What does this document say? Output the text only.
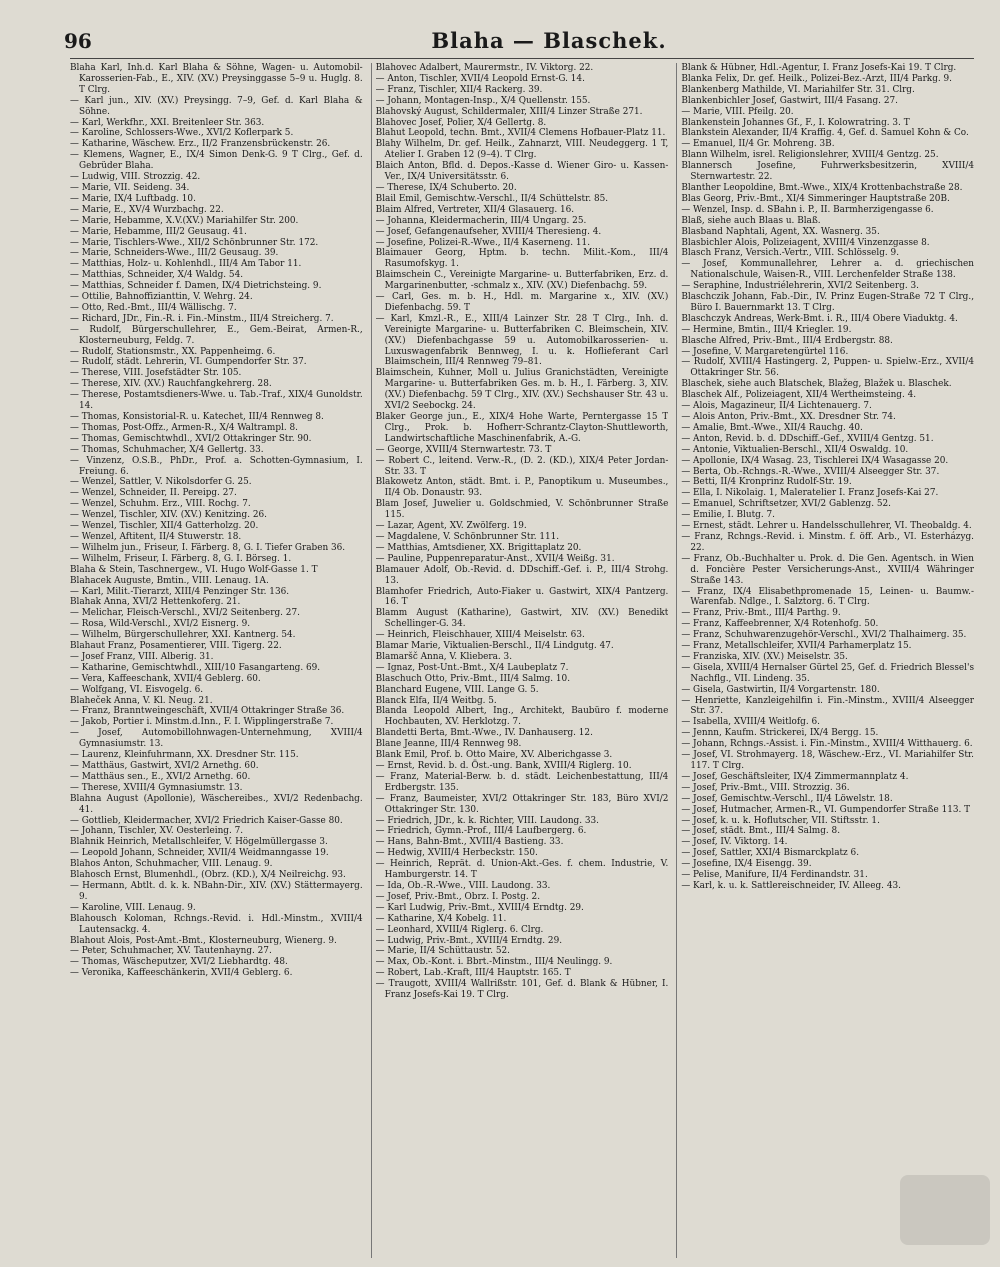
96	Blaha — Blaschek.

Blaha Karl, Inh.d. Karl Blaha & Söhne, Wagen- u. Automobil-Karosserien-Fab., E., XIV. (XV.) Preysinggasse 5–9 u. Huglg. 8. T Clrg.

— Karl jun., XIV. (XV.) Preysingg. 7–9, Gef. d. Karl Blaha & Söhne.

— Karl, Werkfhr., XXI. Breitenleer Str. 363.

— Karoline, Schlossers-Wwe., XVI/2 Koflerpark 5.

— Katharine, Wäschew. Erz., II/2 Franzensbrückenstr. 26.

— Klemens, Wagner, E., IX/4 Simon Denk-G. 9 T Clrg., Gef. d. Gebrüder Blaha.

— Ludwig, VIII. Strozzig. 42.

— Marie, VII. Seideng. 34.

— Marie, IX/4 Luftbadg. 10.

— Marie, E., XV/4 Wurzbachg. 22.

— Marie, Hebamme, X.V.(XV.) Mariahilfer Str. 200.

— Marie, Hebamme, III/2 Geusaug. 41.

— Marie, Tischlers-Wwe., XII/2 Schönbrunner Str. 172.

— Marie, Schneiders-Wwe., III/2 Geusaug. 39.

— Matthias, Holz- u. Kohlenhdl., III/4 Am Tabor 11.

— Matthias, Schneider, X/4 Waldg. 54.

— Matthias, Schneider f. Damen, IX/4 Dietrichsteing. 9.

— Ottilie, Bahnoffizianttin, V. Wehrg. 24.

— Otto, Red.-Bmt., III/4 Wällischg. 7.

— Richard, JDr., Fin.-R. i. Fin.-Minstm., III/4 Streicherg. 7.

— Rudolf, Bürgerschullehrer, E., Gem.-Beirat, Armen-R., Klosterneuburg, Feldg. 7.

— Rudolf, Stationsmstr., XX. Pappenheimg. 6.

— Rudolf, städt. Lehrerin, VI. Gumpendorfer Str. 37.

— Therese, VIII. Josefstädter Str. 105.

— Therese, XIV. (XV.) Rauchfangkehrerg. 28.

— Therese, Postamtsdieners-Wwe. u. Tab.-Traf., XIX/4 Gunoldstr. 14.

— Thomas, Konsistorial-R. u. Katechet, III/4 Rennweg 8.

— Thomas, Post-Offz., Armen-R., X/4 Waltrampl. 8.

— Thomas, Gemischtwhdl., XVI/2 Ottakringer Str. 90.

— Thomas, Schuhmacher, X/4 Gellertg. 33.

— Vinzenz, O.S.B., PhDr., Prof. a. Schotten-Gymnasium, I. Freiung. 6.

— Wenzel, Sattler, V. Nikolsdorfer G. 25.

— Wenzel, Schneider, II. Pereiрg. 27.

— Wenzel, Schuhm. Erz., VIII. Rochg. 7.

— Wenzel, Tischler, XIV. (XV.) Kenitzing. 26.

— Wenzel, Tischler, XII/4 Gatterholzg. 20.

— Wenzel, Aftitent, II/4 Stuwerstr. 18.

— Wilhelm jun., Friseur, I. Färberg. 8, G. I. Tiefer Graben 36.

— Wilhelm, Friseur, I. Färberg. 8, G. I. Börseg. 1.

Blaha & Stein, Taschnergew., VI. Hugo Wolf-Gasse 1. T

Blahacek Auguste, Bmtin., VIII. Lenaug. 1A.

— Karl, Milit.-Tierarzt, XIII/4 Penzinger Str. 136.

Blahak Anna, XVI/2 Hettenkoferg. 21.

— Melichar, Fleisch-Verschl., XVI/2 Seitenberg. 27.

— Rosa, Wild-Verschl., XVI/2 Eisnerg. 9.

— Wilhelm, Bürgerschullehrer, XXI. Kantnerg. 54.

Blahaut Franz, Posamentierer, VIII. Tigerg. 22.

— Josef Franz, VIII. Alberig. 31.

— Katharine, Gemischtwhdl., XIII/10 Fasangarteng. 69.

— Vera, Kaffeeschank, XVII/4 Geblerg. 60.

— Wolfgang, VI. Eisvogelg. 6.

Blaheček Anna, V. Kl. Neug. 21.

— Franz, Branntweingeschäft, XVII/4 Ottakringer Straße 36.

— Jakob, Portier i. Minstm.d.Inn., F. I. Wipplingerstraße 7.

— Josef, Automobillohnwagen-Unternehmung, XVIII/4 Gymnasiumstr. 13.

— Laurenz, Kleinfuhrmann, XX. Dresdner Str. 115.

— Matthäus, Gastwirt, XVI/2 Arnethg. 60.

— Matthäus sen., E., XVI/2 Arnethg. 60.

— Therese, XVIII/4 Gymnasiumstr. 13.

Blahna August (Apollonie), Wäschereibes., XVI/2 Redenbachg. 41.

— Gottlieb, Kleidermacher, XVI/2 Friedrich Kaiser-Gasse 80.

— Johann, Tischler, XV. Oesterleing. 7.

Blahnik Heinrich, Metallschleifer, V. Högelmüllergasse 3.

— Leopold Johann, Schneider, XVII/4 Weidmanngasse 19.

Blahos Anton, Schuhmacher, VIII. Lenaug. 9.

Blahosch Ernst, Blumenhdl., (Obrz. (KD.), X/4 Neilreichg. 93.

— Hermann, Abtlt. d. k. k. NBahn-Dir., XIV. (XV.) Stättermayerg. 9.

— Karoline, VIII. Lenaug. 9.

Blahousch Koloman, Rchngs.-Revid. i. Hdl.-Minstm., XVIII/4 Lautensackg. 4.

Blahout Alois, Post-Amt.-Bmt., Klosterneuburg, Wienerg. 9.

— Peter, Schuhmacher, XV. Tautenhayng. 27.

— Thomas, Wäscheputzer, XVI/2 Liebhardtg. 48.

— Veronika, Kaffeeschänkerin, XVII/4 Geblerg. 6.

Blahovec Adalbert, Maurermstr., IV. Viktorg. 22.

— Anton, Tischler, XVII/4 Leopold Ernst-G. 14.

— Franz, Tischler, XII/4 Rackerg. 39.

— Johann, Montagen-Insp., X/4 Quellenstr. 155.

Blahovský August, Schildermaler, XIII/4 Linzer Straße 271.

Blahovec Josef, Polier, X/4 Gellertg. 8.

Blahut Leopold, techn. Bmt., XVII/4 Clemens Hofbauer-Platz 11.

Blahy Wilhelm, Dr. gef. Heilk., Zahnarzt, VIII. Neudeggerg. 1 T, Atelier I. Graben 12 (9–4). T Clrg.

Blaich Anton, Bfld. d. Depos.-Kasse d. Wiener Giro- u. Kassen-Ver., IX/4 Universitätsstr. 6.

— Therese, IX/4 Schuberto. 20.

Blail Emil, Gemischtw.-Verschl., II/4 Schüttelstr. 85.

Blaim Alfred, Vertreter, XII/4 Glasauerg. 16.

— Johanna, Kleidermacherin, III/4 Ungarg. 25.

— Josef, Gefangenaufseher, XVIII/4 Theresieng. 4.

— Josefine, Polizei-R.-Wwe., II/4 Kaserneng. 11.

Blaimauer Georg, Hptm. b. techn. Milit.-Kom., III/4 Rasumofskyg. 1.

Blaimschein C., Vereinigte Margarine- u. Butterfabriken, Erz. d. Margarinenbutter, -schmalz x., XIV. (XV.) Diefenbachg. 59.

— Carl, Ges. m. b. H., Hdl. m. Margarine x., XIV. (XV.) Diefenbachg. 59. T

— Karl, Kmzl.-R., E., XIII/4 Lainzer Str. 28 T Clrg., Inh. d. Vereinigte Margarine- u. Butterfabriken C. Bleimschein, XIV. (XV.) Diefenbachgasse 59 u. Automobilkarosserien- u. Luxuswagenfabrik Bennweg, I. u. k. Hoflieferant Carl Blaimschein, III/4 Rennweg 79–81.

Blaimschein, Kuhner, Moll u. Julius Granichstädten, Vereinigte Margarine- u. Butterfabriken Ges. m. b. H., I. Färberg. 3, XIV. (XV.) Diefenbachg. 59 T Clrg., XIV. (XV.) Sechshauser Str. 43 u. XVI/2 Seebockg. 24.

Blaker George jun., E., XIX/4 Hohe Warte, Perntergasse 15 T Clrg., Prok. b. Hofherr-Schrantz-Clayton-Shuttleworth, Landwirtschaftliche Maschinenfabrik, A.-G.

— George, XVIII/4 Sternwartestr. 73. T

— Robert C., leitend. Verw.-R., (D. 2. (KD.), XIX/4 Peter Jordan-Str. 33. T

Blakowetz Anton, städt. Bmt. i. P., Panoptikum u. Museumbes., II/4 Ob. Donaustr. 93.

Blam Josef, Juwelier u. Goldschmied, V. Schönbrunner Straße 115.

— Lazar, Agent, XV. Zwölferg. 19.

— Magdalene, V. Schönbrunner Str. 111.

— Matthias, Amtsdiener, XX. Brigittaplatz 20.

— Pauline, Puppenreparatur-Anst., XVII/4 Weißg. 31.

Blamauer Adolf, Ob.-Revid. d. DDschiff.-Gef. i. P., III/4 Strohg. 13.

Blamhofer Friedrich, Auto-Fiaker u. Gastwirt, XIX/4 Pantzerg. 16. T

Blamm August (Katharine), Gastwirt, XIV. (XV.) Benedikt Schellinger-G. 34.

— Heinrich, Fleischhauer, XIII/4 Meiselstr. 63.

Blamar Marie, Viktualien-Berschl., II/4 Lindgutg. 47.

Blamaršč Anna, V. Kliebera. 3.

— Ignaz, Post-Unt.-Bmt., X/4 Laubeplatz 7.

Blaschuch Otto, Priv.-Bmt., III/4 Salmg. 10.

Blanchard Eugene, VIII. Lange G. 5.

Blanck Elfa, II/4 Weitbg. 5.

Blanda Leopold Albert, Ing., Architekt, Baubüro f. moderne Hochbauten, XV. Herklotzg. 7.

Blandetti Berta, Bmt.-Wwe., IV. Danhauserg. 12.

Blane Jeanne, III/4 Rennweg 98.

Blank Emil, Prof. b. Otto Maire, XV. Alberichgasse 3.

— Ernst, Revid. b. d. Öst.-ung. Bank, XVIII/4 Riglerg. 10.

— Franz, Material-Berw. b. d. städt. Leichenbestattung, III/4 Erdbergstr. 135.

— Franz, Baumeister, XVI/2 Ottakringer Str. 183, Büro XVI/2 Ottakringer Str. 130.

— Friedrich, JDr., k. k. Richter, VIII. Laudong. 33.

— Friedrich, Gymn.-Prof., III/4 Laufbergerg. 6.

— Hans, Bahn-Bmt., XVIII/4 Bastieng. 33.

— Hedwig, XVIII/4 Herbeckstr. 150.

— Heinrich, Reprät. d. Union-Akt.-Ges. f. chem. Industrie, V. Hamburgerstr. 14. T

— Ida, Ob.-R.-Wwe., VIII. Laudong. 33.

— Josef, Priv.-Bmt., Obrz. I. Postg. 2.

— Karl Ludwig, Priv.-Bmt., XVIII/4 Erndtg. 29.

— Katharine, X/4 Kobelg. 11.

— Leonhard, XVIII/4 Riglerg. 6. Clrg.

— Ludwig, Priv.-Bmt., XVIII/4 Erndtg. 29.

— Marie, II/4 Schüttaustr. 52.

— Max, Ob.-Kont. i. Bbrt.-Minstm., III/4 Neulingg. 9.

— Robert, Lab.-Kraft, III/4 Hauptstr. 165. T

— Traugott, XVIII/4 Wallrißstr. 101, Gef. d. Blank & Hübner, I. Franz Josefs-Kai 19. T Clrg.

Blank & Hübner, Hdl.-Agentur, I. Franz Josefs-Kai 19. T Clrg.

Blanka Felix, Dr. gef. Heilk., Polizei-Bez.-Arzt, III/4 Parkg. 9.

Blankenberg Mathilde, VI. Mariahilfer Str. 31. Clrg.

Blankenbichler Josef, Gastwirt, III/4 Fasang. 27.

— Marie, VIII. Pfeilg. 20.

Blankenstein Johannes Gf., F., I. Kolowratring. 3. T

Blankstein Alexander, II/4 Kraffig. 4, Gef. d. Samuel Kohn & Co.

— Emanuel, II/4 Gr. Mohreng. 3B.

Blann Wilhelm, isrel. Religionslehrer, XVIII/4 Gentzg. 25.

Blannersch Josefine, Fuhrwerksbesitzerin, XVIII/4 Sternwartestr. 22.

Blanther Leopoldine, Bmt.-Wwe., XIX/4 Krottenbachstraße 28.

Blas Georg, Priv.-Bmt., XI/4 Simmeringer Hauptstraße 20B.

— Wenzel, Insp. d. SBahn i. P., II. Barmherzigengasse 6.

Blaß, siehe auch Blaas u. Blaß.

Blasband Naphtali, Agent, XX. Wasnerg. 35.

Blasbichler Alois, Polizeiagent, XVIII/4 Vinzenzgasse 8.

Blasch Franz, Versich.-Vertr., VIII. Schlösselg. 9.

— Josef, Kommunallehrer, Lehrer a. d. griechischen Nationalschule, Waisen-R., VIII. Lerchenfelder Straße 138.

— Seraphine, Industriélehrerin, XVI/2 Seitenberg. 3.

Blaschczik Johann, Fab.-Dir., IV. Prinz Eugen-Straße 72 T Clrg., Büro I. Bauernmarkt 13. T Clrg.

Blaschczyk Andreas, Werk-Bmt. i. R., III/4 Obere Viaduktg. 4.

— Hermine, Bmtin., III/4 Kriegler. 19.

Blasche Alfred, Priv.-Bmt., III/4 Erdbergstr. 88.

— Josefine, V. Margaretengürtel 116.

— Rudolf, XVIII/4 Hastingerg. 2, Puppen- u. Spielw.-Erz., XVII/4 Ottakringer Str. 56.

Blaschek, siehe auch Blatschek, Blažeg, Blažek u. Blaschek.

Blaschek Alf., Polizeiagent, XII/4 Wertheimsteing. 4.

— Alois, Magazineur, II/4 Lichtenauerg. 7.

— Alois Anton, Priv.-Bmt., XX. Dresdner Str. 74.

— Amalie, Bmt.-Wwe., XII/4 Rauchg. 40.

— Anton, Revid. b. d. DDschiff.-Gef., XVIII/4 Gentzg. 51.

— Antonie, Viktualien-Berschl., XII/4 Oswaldg. 10.

— Apollonie, IX/4 Wasag. 23, Tischlerei IX/4 Wasagasse 20.

— Berta, Ob.-Rchngs.-R.-Wwe., XVIII/4 Alseegger Str. 37.

— Betti, II/4 Kronprinz Rudolf-Str. 19.

— Ella, I. Nikolaig. 1, Maleratelier I. Franz Josefs-Kai 27.

— Emanuel, Schriftsetzer, XVI/2 Gablenzg. 52.

— Emilie, I. Blutg. 7.

— Ernest, städt. Lehrer u. Handelsschullehrer, VI. Theobaldg. 4.

— Franz, Rchngs.-Revid. i. Minstm. f. öff. Arb., VI. Esterházyg. 22.

— Franz, Ob.-Buchhalter u. Prok. d. Die Gen. Agentsch. in Wien d. Foncière Pester Versicherungs-Anst., XVIII/4 Währinger Straße 143.

— Franz, IX/4 Elisabethpromenade 15, Leinen- u. Baumw.-Warenfab. Ndlge., I. Salztorg. 6. T Clrg.

— Franz, Priv.-Bmt., III/4 Parthg. 9.

— Franz, Kaffeebrenner, X/4 Rotenhofg. 50.

— Franz, Schuhwarenzugehör-Verschl., XVI/2 Thalhaimerg. 35.

— Franz, Metallschleifer, XVII/4 Parhamerplatz 15.

— Franziska, XIV. (XV.) Meiselstr. 35.

— Gisela, XVIII/4 Hernalser Gürtel 25, Gef. d. Friedrich Blessel's Nachflg., VII. Lindeng. 35.

— Gisela, Gastwirtin, II/4 Vorgartenstr. 180.

— Henriette, Kanzleigehilfin i. Fin.-Minstm., XVIII/4 Alseegger Str. 37.

— Isabella, XVIII/4 Weitlofg. 6.

— Jennn, Kaufm. Strickerei, IX/4 Bergg. 15.

— Johann, Rchngs.-Assist. i. Fin.-Minstm., XVIII/4 Witthauerg. 6.

— Josef, VI. Strohmayerg. 18, Wäschew.-Erz., VI. Mariahilfer Str. 117. T Clrg.

— Josef, Geschäftsleiter, IX/4 Zimmermannplatz 4.

— Josef, Priv.-Bmt., VIII. Strozzig. 36.

— Josef, Gemischtw.-Verschl., II/4 Löwelstr. 18.

— Josef, Hutmacher, Armen-R., VI. Gumpendorfer Straße 113. T

— Josef, k. u. k. Hoflutscher, VII. Stiftsstr. 1.

— Josef, städt. Bmt., III/4 Salmg. 8.

— Josef, IV. Viktorg. 14.

— Josef, Sattler, XXI/4 Bismarckplatz 6.

— Josefine, IX/4 Eisengg. 39.

— Pelise, Manifure, II/4 Ferdinandstr. 31.

— Karl, k. u. k. Sattlereischneider, IV. Alleeg. 43.
